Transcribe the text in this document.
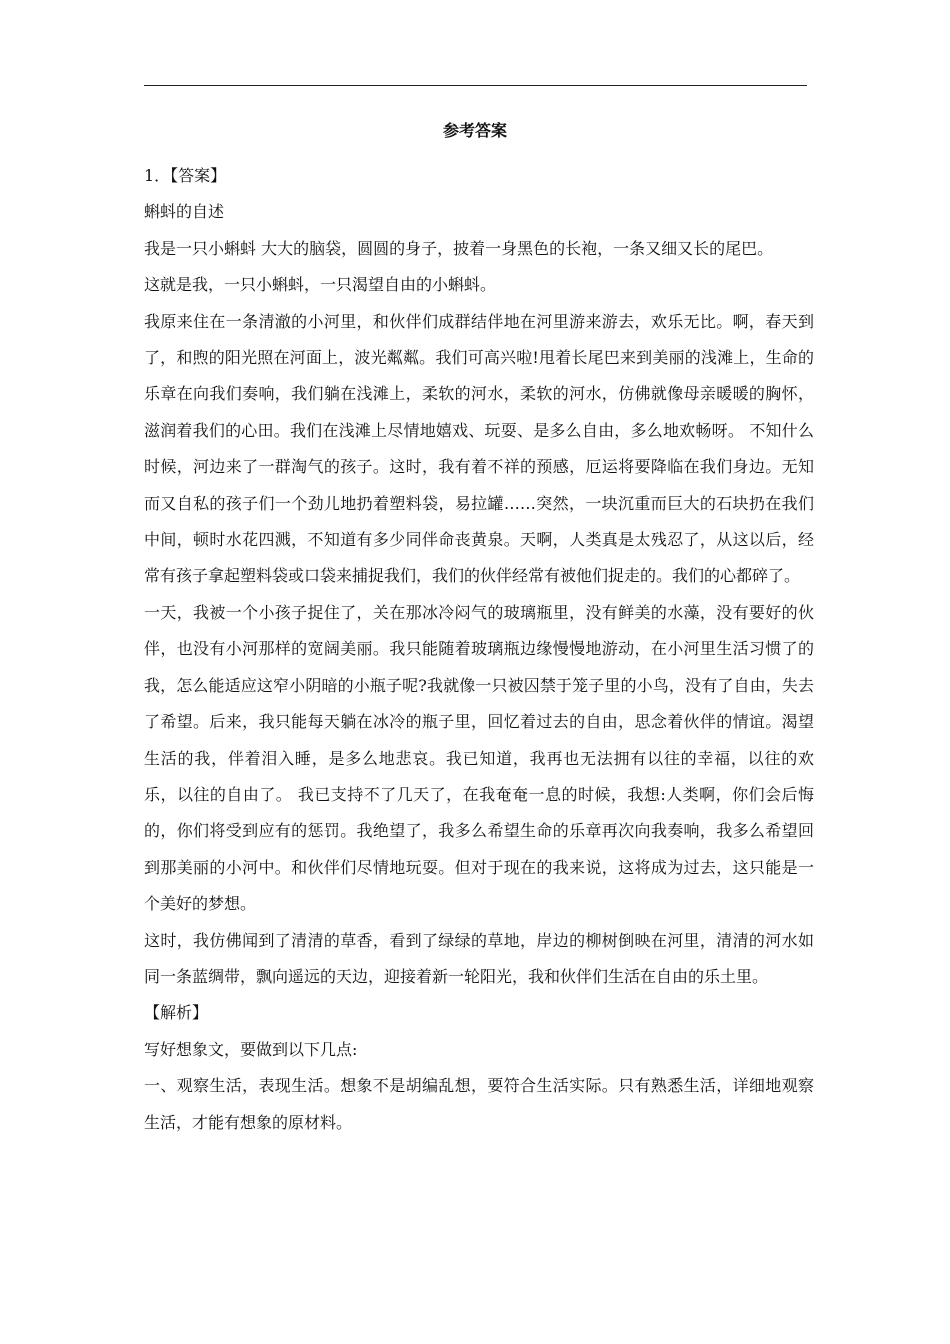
参考答案

1．【答案】

蝌蚪的自述

我是一只小蝌蚪 大大的脑袋，圆圆的身子，披着一身黑色的长袍，一条又细又长的尾巴。

这就是我，一只小蝌蚪，一只渴望自由的小蝌蚪。

我原来住在一条清澈的小河里，和伙伴们成群结伴地在河里游来游去，欢乐无比。啊，春天到了，和煦的阳光照在河面上，波光粼粼。我们可高兴啦!甩着长尾巴来到美丽的浅滩上，生命的乐章在向我们奏响，我们躺在浅滩上，柔软的河水，柔软的河水，仿佛就像母亲暖暖的胸怀，滋润着我们的心田。我们在浅滩上尽情地嬉戏、玩耍、是多么自由，多么地欢畅呀。 不知什么时候，河边来了一群淘气的孩子。这时，我有着不祥的预感，厄运将要降临在我们身边。无知而又自私的孩子们一个劲儿地扔着塑料袋，易拉罐……突然，一块沉重而巨大的石块扔在我们中间，顿时水花四溅，不知道有多少同伴命丧黄泉。天啊，人类真是太残忍了，从这以后，经常有孩子拿起塑料袋或口袋来捕捉我们，我们的伙伴经常有被他们捉走的。我们的心都碎了。

一天，我被一个小孩子捉住了，关在那冰冷闷气的玻璃瓶里，没有鲜美的水藻，没有要好的伙伴，也没有小河那样的宽阔美丽。我只能随着玻璃瓶边缘慢慢地游动，在小河里生活习惯了的我，怎么能适应这窄小阴暗的小瓶子呢?我就像一只被囚禁于笼子里的小鸟，没有了自由，失去了希望。后来，我只能每天躺在冰冷的瓶子里，回忆着过去的自由，思念着伙伴的情谊。渴望生活的我，伴着泪入睡，是多么地悲哀。我已知道，我再也无法拥有以往的幸福，以往的欢乐，以往的自由了。 我已支持不了几天了，在我奄奄一息的时候，我想:人类啊，你们会后悔的，你们将受到应有的惩罚。我绝望了，我多么希望生命的乐章再次向我奏响，我多么希望回到那美丽的小河中。和伙伴们尽情地玩耍。但对于现在的我来说，这将成为过去，这只能是一个美好的梦想。

这时，我仿佛闻到了清清的草香，看到了绿绿的草地，岸边的柳树倒映在河里，清清的河水如同一条蓝绸带，飘向遥远的天边，迎接着新一轮阳光，我和伙伴们生活在自由的乐土里。

【解析】

写好想象文，要做到以下几点:

一、观察生活，表现生活。想象不是胡编乱想，要符合生活实际。只有熟悉生活，详细地观察生活，才能有想象的原材料。
